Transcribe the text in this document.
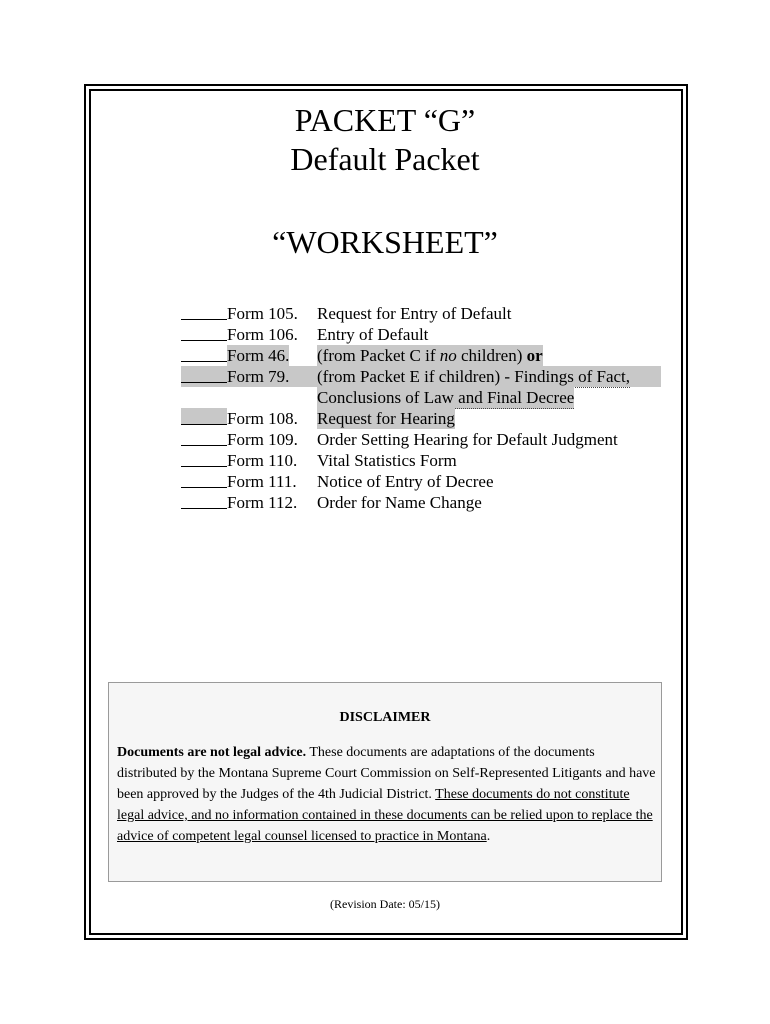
PACKET “G”
Default Packet
“WORKSHEET”
Form 105. Request for Entry of Default
Form 106. Entry of Default
Form 46. (from Packet C if no children) or
Form 79. (from Packet E if children) - Findings of Fact,
Conclusions of Law and Final Decree
Form 108. Request for Hearing
Form 109. Order Setting Hearing for Default Judgment
Form 110. Vital Statistics Form
Form 111. Notice of Entry of Decree
Form 112. Order for Name Change
DISCLAIMER
Documents are not legal advice. These documents are adaptations of the documents distributed by the Montana Supreme Court Commission on Self-Represented Litigants and have been approved by the Judges of the 4th Judicial District. These documents do not constitute legal advice, and no information contained in these documents can be relied upon to replace the advice of competent legal counsel licensed to practice in Montana.
(Revision Date: 05/15)
